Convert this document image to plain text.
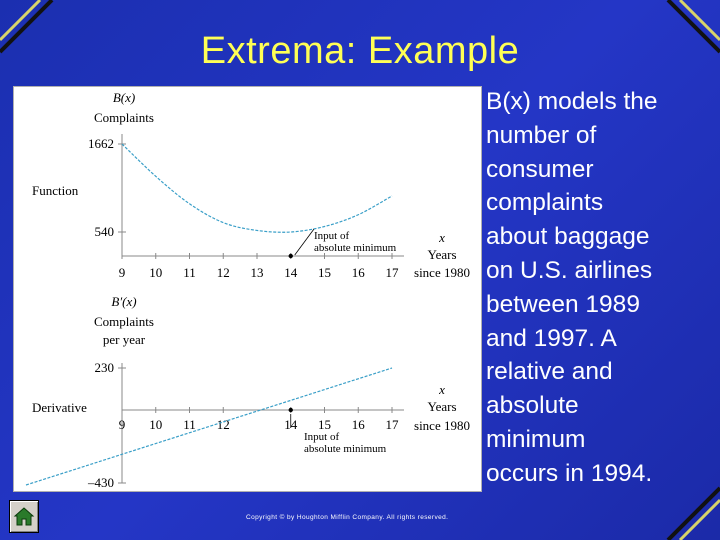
Extrema: Example
540
1662
9 10 11 12 13 14 15 16 17
B(x)
Complaints
x
Years
since 1980
Function
Input of
absolute minimum
230
–430
9 10 11 12	14 15 16 17
B′(x)
Complaints
per year
x
Years
since 1980
Derivative
Input of
absolute minimum
B(x) models the
number of
consumer
complaints
about baggage
on U.S. airlines
between 1989
and 1997. A
relative and
absolute
minimum
occurs in 1994.
Copyright © by Houghton Mifflin Company. All rights reserved.
